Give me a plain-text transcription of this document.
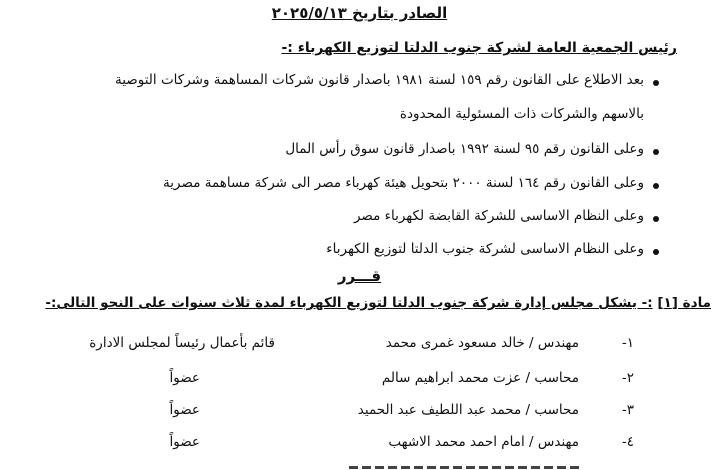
الصادر بتاريخ ٢٠٢٥/٥/١٣
رئيس الجمعية العامة لشركة جنوب الدلتا لتوزيع الكهرباء :-
بعد الاطلاع على القانون رقم ١٥٩ لسنة ١٩٨١ باصدار قانون شركات المساهمة وشركات التوصية
بالاسهم والشركات ذات المسئولية المحدودة
وعلى القانون رقم ٩٥ لسنة ١٩٩٢ باصدار قانون سوق رأس المال
وعلى القانون رقم ١٦٤ لسنة ٢٠٠٠ بتحويل هيئة كهرباء مصر الى شركة مساهمة مصرية
وعلى النظام الاساسى للشركة القابضة لكهرباء مصر
وعلى النظام الاساسى لشركة جنوب الدلتا لتوزيع الكهرباء
قـــرر
مادة [١] :- يشكل مجلس إدارة شركة جنوب الدلتا لتوزيع الكهرباء لمدة ثلاث سنوات على النحو التالى:-
١-
مهندس / خالد مسعود غمرى محمد
قائم بأعمال رئيساً لمجلس الادارة
٢-
محاسب / عزت محمد ابراهيم سالم
عضواً
٣-
محاسب / محمد عبد اللطيف عبد الحميد
عضواً
٤-
مهندس / امام احمد محمد الاشهب
عضواً
